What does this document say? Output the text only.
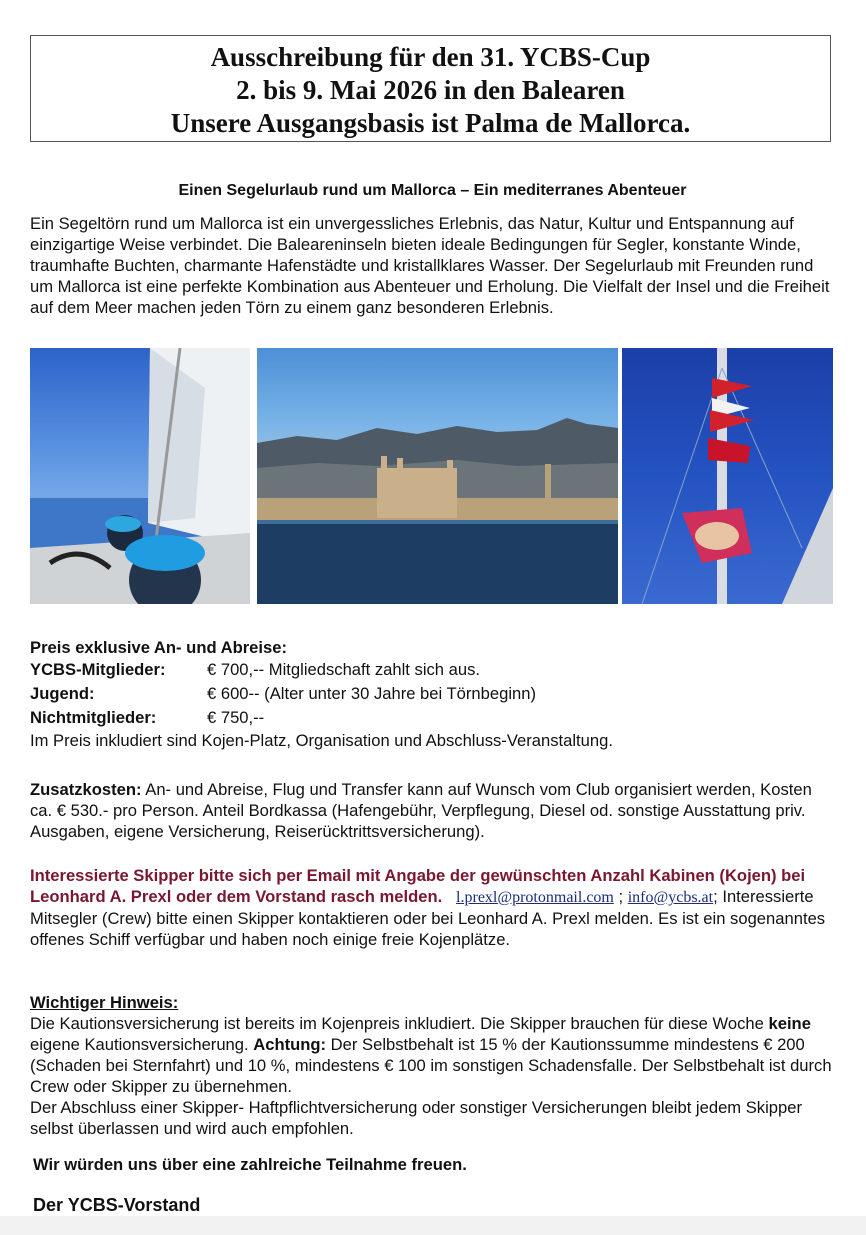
Ausschreibung für den 31. YCBS-Cup
2. bis 9. Mai 2026 in den Balearen
Unsere Ausgangsbasis ist Palma de Mallorca.
Einen Segelurlaub rund um Mallorca – Ein mediterranes Abenteuer
Ein Segeltörn rund um Mallorca ist ein unvergessliches Erlebnis, das Natur, Kultur und Entspannung auf einzigartige Weise verbindet. Die Baleareninseln bieten ideale Bedingungen für Segler, konstante Winde, traumhafte Buchten, charmante Hafenstädte und kristallklares Wasser. Der Segelurlaub mit Freunden rund um Mallorca ist eine perfekte Kombination aus Abenteuer und Erholung. Die Vielfalt der Insel und die Freiheit auf dem Meer machen jeden Törn zu einem ganz besonderen Erlebnis.
Preis exklusive An- und Abreise:
YCBS-Mitglieder: € 700,-- Mitgliedschaft zahlt sich aus.
Jugend:	€ 600-- (Alter unter 30 Jahre bei Törnbeginn)
Nichtmitglieder:	€ 750,--
Im Preis inkludiert sind Kojen-Platz, Organisation und Abschluss-Veranstaltung.
Zusatzkosten: An- und Abreise, Flug und Transfer kann auf Wunsch vom Club organisiert werden, Kosten ca. € 530.- pro Person. Anteil Bordkassa (Hafengebühr, Verpflegung, Diesel od. sonstige Ausstattung priv. Ausgaben, eigene Versicherung, Reiserücktrittsversicherung).
Interessierte Skipper bitte sich per Email mit Angabe der gewünschten Anzahl Kabinen (Kojen) bei Leonhard A. Prexl oder dem Vorstand rasch melden. l.prexl@protonmail.com ; info@ycbs.at; Interessierte Mitsegler (Crew) bitte einen Skipper kontaktieren oder bei Leonhard A. Prexl melden. Es ist ein sogenanntes offenes Schiff verfügbar und haben noch einige freie Kojenplätze.
Wichtiger Hinweis:
Die Kautionsversicherung ist bereits im Kojenpreis inkludiert. Die Skipper brauchen für diese Woche keine eigene Kautionsversicherung. Achtung: Der Selbstbehalt ist 15 % der Kautionssumme mindestens € 200 (Schaden bei Sternfahrt) und 10 %, mindestens € 100 im sonstigen Schadensfalle. Der Selbstbehalt ist durch Crew oder Skipper zu übernehmen.
Der Abschluss einer Skipper- Haftpflichtversicherung oder sonstiger Versicherungen bleibt jedem Skipper selbst überlassen und wird auch empfohlen.
Wir würden uns über eine zahlreiche Teilnahme freuen.
Der YCBS-Vorstand
